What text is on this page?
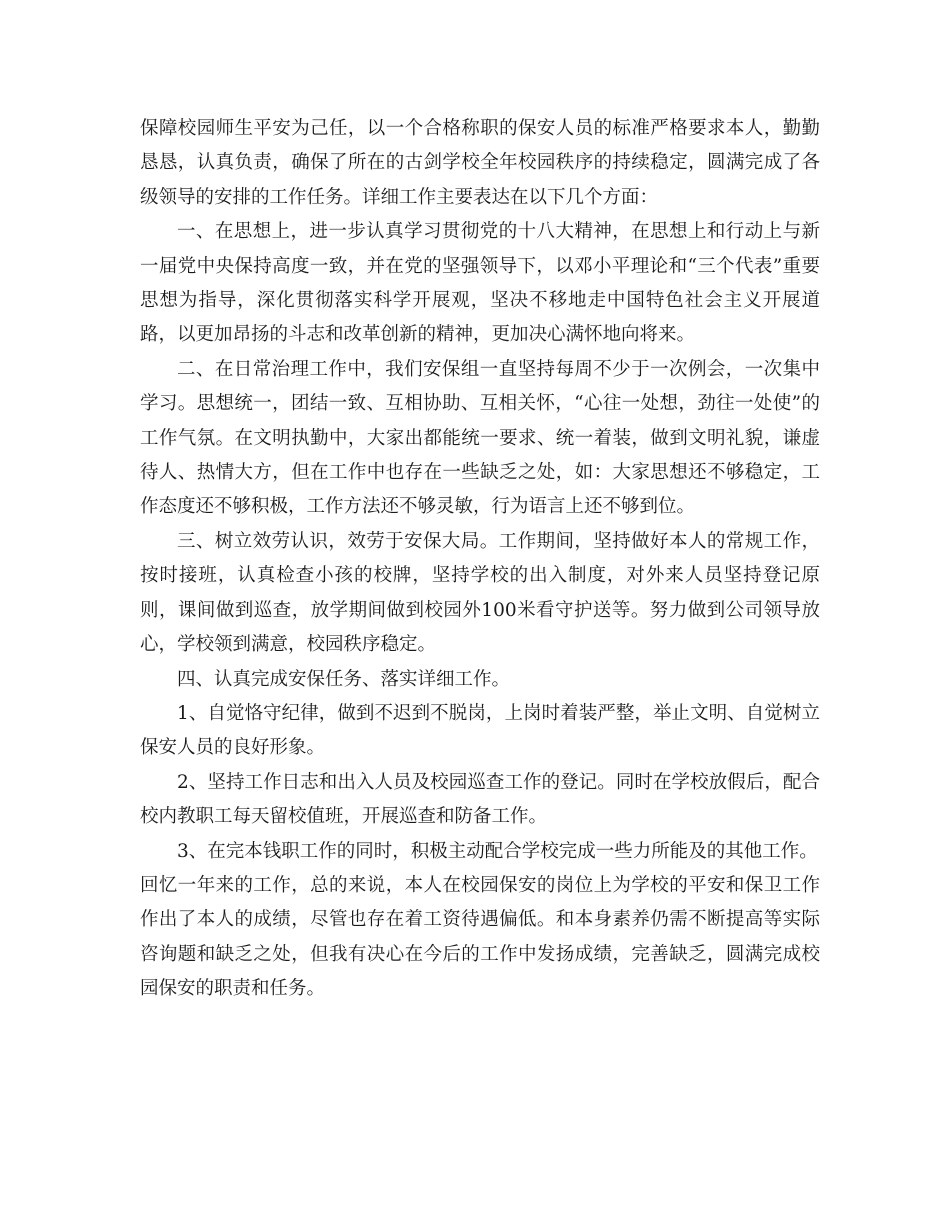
保障校园师生平安为己任，以一个合格称职的保安人员的标准严格要求本人，勤勤恳恳，认真负责，确保了所在的古剑学校全年校园秩序的持续稳定，圆满完成了各级领导的安排的工作任务。详细工作主要表达在以下几个方面：

一、在思想上，进一步认真学习贯彻党的十八大精神，在思想上和行动上与新一届党中央保持高度一致，并在党的坚强领导下，以邓小平理论和“三个代表”重要思想为指导，深化贯彻落实科学开展观，坚决不移地走中国特色社会主义开展道路，以更加昂扬的斗志和改革创新的精神，更加决心满怀地向将来。

二、在日常治理工作中，我们安保组一直坚持每周不少于一次例会，一次集中学习。思想统一，团结一致、互相协助、互相关怀，“心往一处想，劲往一处使”的工作气氛。在文明执勤中，大家出都能统一要求、统一着装，做到文明礼貌，谦虚待人、热情大方，但在工作中也存在一些缺乏之处，如：大家思想还不够稳定，工作态度还不够积极，工作方法还不够灵敏，行为语言上还不够到位。

三、树立效劳认识，效劳于安保大局。工作期间，坚持做好本人的常规工作，按时接班，认真检查小孩的校牌，坚持学校的出入制度，对外来人员坚持登记原则，课间做到巡查，放学期间做到校园外100米看守护送等。努力做到公司领导放心，学校领到满意，校园秩序稳定。

四、认真完成安保任务、落实详细工作。

1、自觉恪守纪律，做到不迟到不脱岗，上岗时着装严整，举止文明、自觉树立保安人员的良好形象。

2、坚持工作日志和出入人员及校园巡查工作的登记。同时在学校放假后，配合校内教职工每天留校值班，开展巡查和防备工作。

3、在完本钱职工作的同时，积极主动配合学校完成一些力所能及的其他工作。

回忆一年来的工作，总的来说，本人在校园保安的岗位上为学校的平安和保卫工作作出了本人的成绩，尽管也存在着工资待遇偏低。和本身素养仍需不断提高等实际咨询题和缺乏之处，但我有决心在今后的工作中发扬成绩，完善缺乏，圆满完成校园保安的职责和任务。
